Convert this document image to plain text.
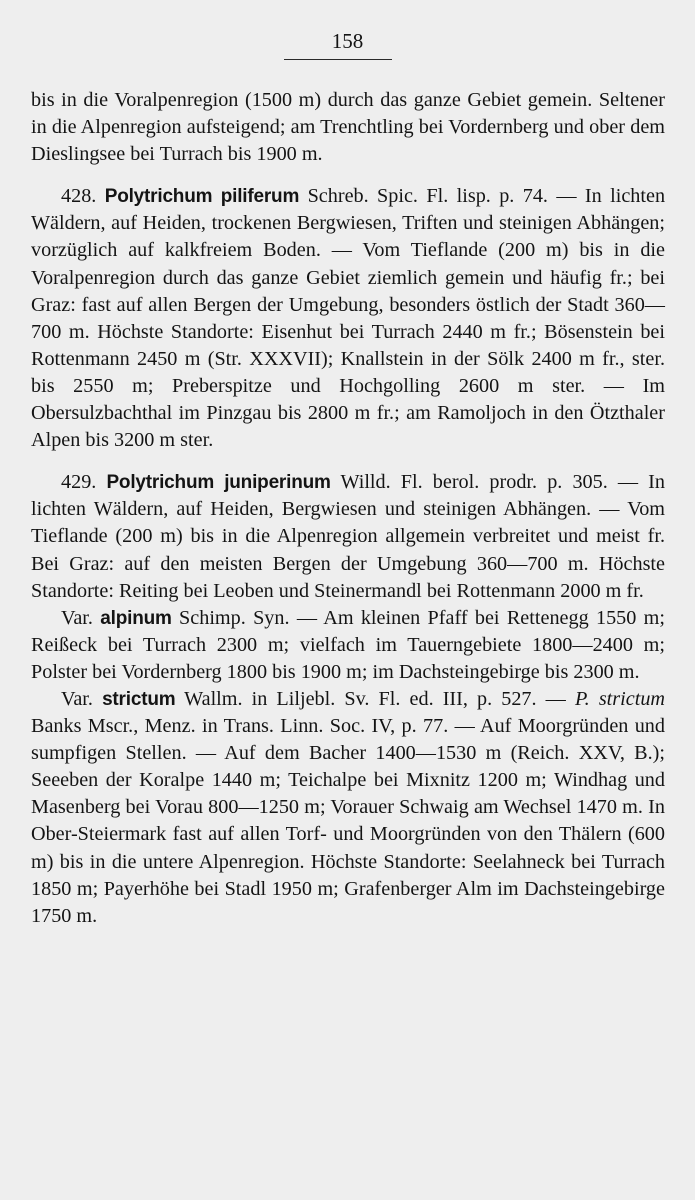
158

bis in die Voralpenregion (1500 m) durch das ganze Gebiet gemein. Seltener in die Alpenregion aufsteigend; am Trenchtling bei Vordernberg und ober dem Dieslingsee bei Turrach bis 1900 m.

428. Polytrichum piliferum Schreb. Spic. Fl. lisp. p. 74. — In lichten Wäldern, auf Heiden, trockenen Bergwiesen, Triften und steinigen Abhängen; vorzüglich auf kalkfreiem Boden. — Vom Tieflande (200 m) bis in die Voralpenregion durch das ganze Gebiet ziemlich gemein und häufig fr.; bei Graz: fast auf allen Bergen der Umgebung, besonders östlich der Stadt 360—700 m. Höchste Standorte: Eisenhut bei Turrach 2440 m fr.; Bösenstein bei Rottenmann 2450 m (Str. XXXVII); Knallstein in der Sölk 2400 m fr., ster. bis 2550 m; Preberspitze und Hochgolling 2600 m ster. — Im Obersulzbachthal im Pinzgau bis 2800 m fr.; am Ramoljoch in den Ötzthaler Alpen bis 3200 m ster.

429. Polytrichum juniperinum Willd. Fl. berol. prodr. p. 305. — In lichten Wäldern, auf Heiden, Bergwiesen und steinigen Abhängen. — Vom Tieflande (200 m) bis in die Alpenregion allgemein verbreitet und meist fr. Bei Graz: auf den meisten Bergen der Umgebung 360—700 m. Höchste Standorte: Reiting bei Leoben und Steinermandl bei Rottenmann 2000 m fr.

Var. alpinum Schimp. Syn. — Am kleinen Pfaff bei Rettenegg 1550 m; Reißeck bei Turrach 2300 m; vielfach im Tauerngebiete 1800—2400 m; Polster bei Vordernberg 1800 bis 1900 m; im Dachsteingebirge bis 2300 m.

Var. strictum Wallm. in Liljebl. Sv. Fl. ed. III, p. 527. — P. strictum Banks Mscr., Menz. in Trans. Linn. Soc. IV, p. 77. — Auf Moorgründen und sumpfigen Stellen. — Auf dem Bacher 1400—1530 m (Reich. XXV, B.); Seeeben der Koralpe 1440 m; Teichalpe bei Mixnitz 1200 m; Windhag und Masenberg bei Vorau 800—1250 m; Vorauer Schwaig am Wechsel 1470 m. In Ober-Steiermark fast auf allen Torf- und Moorgründen von den Thälern (600 m) bis in die untere Alpenregion. Höchste Standorte: Seelahneck bei Turrach 1850 m; Payerhöhe bei Stadl 1950 m; Grafenberger Alm im Dachsteingebirge 1750 m.
